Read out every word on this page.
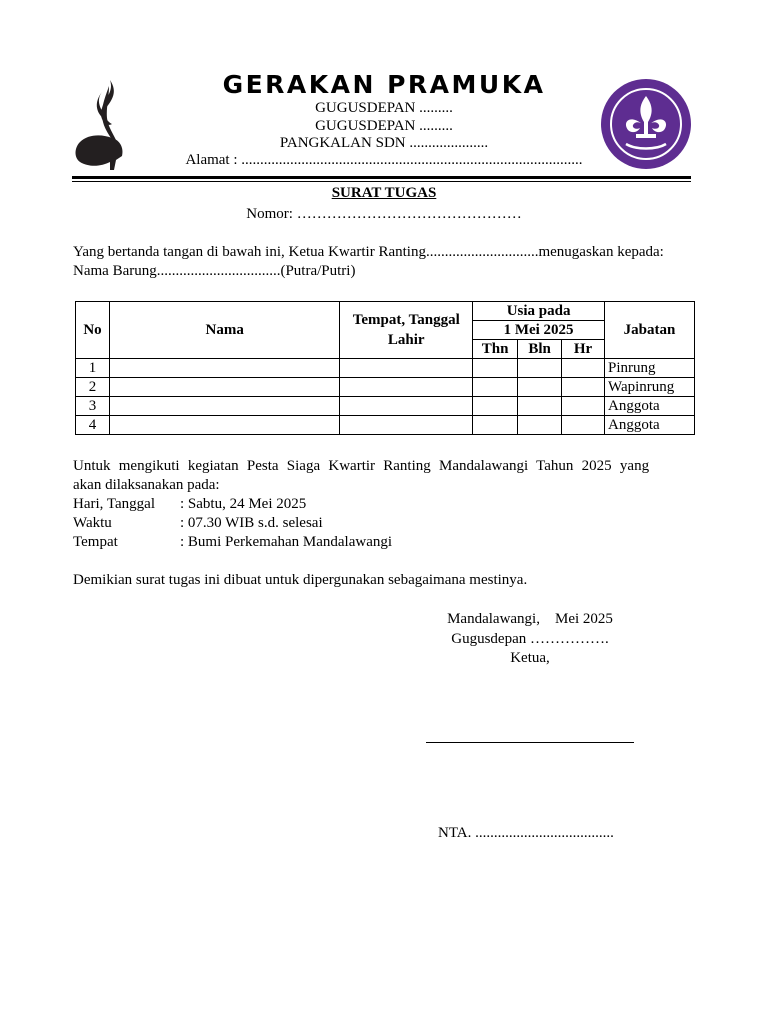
GERAKAN PRAMUKA
GUGUSDEPAN .........
GUGUSDEPAN .........
PANGKALAN SDN .....................
Alamat : ...........................................................................................
SURAT TUGAS
Nomor: ………………………………………
Yang bertanda tangan di bawah ini, Ketua Kwartir Ranting..............................menugaskan kepada:
Nama Barung.................................(Putra/Putri)
No	Nama	Tempat, Tanggal Lahir	Usia pada			Jabatan
			1 Mei 2025			
			Thn	Bln	Hr	
1						Pinrung
2						Wapinrung
3						Anggota
4						Anggota
Untuk mengikuti kegiatan Pesta Siaga Kwartir Ranting Mandalawangi Tahun 2025 yang
akan dilaksanakan pada:
Hari, Tanggal : Sabtu, 24 Mei 2025
Waktu	: 07.30 WIB s.d. selesai
Tempat	: Bumi Perkemahan Mandalawangi
Demikian surat tugas ini dibuat untuk dipergunakan sebagaimana mestinya.
Mandalawangi,    Mei 2025
Gugusdepan …………….
Ketua,
NTA. .....................................
